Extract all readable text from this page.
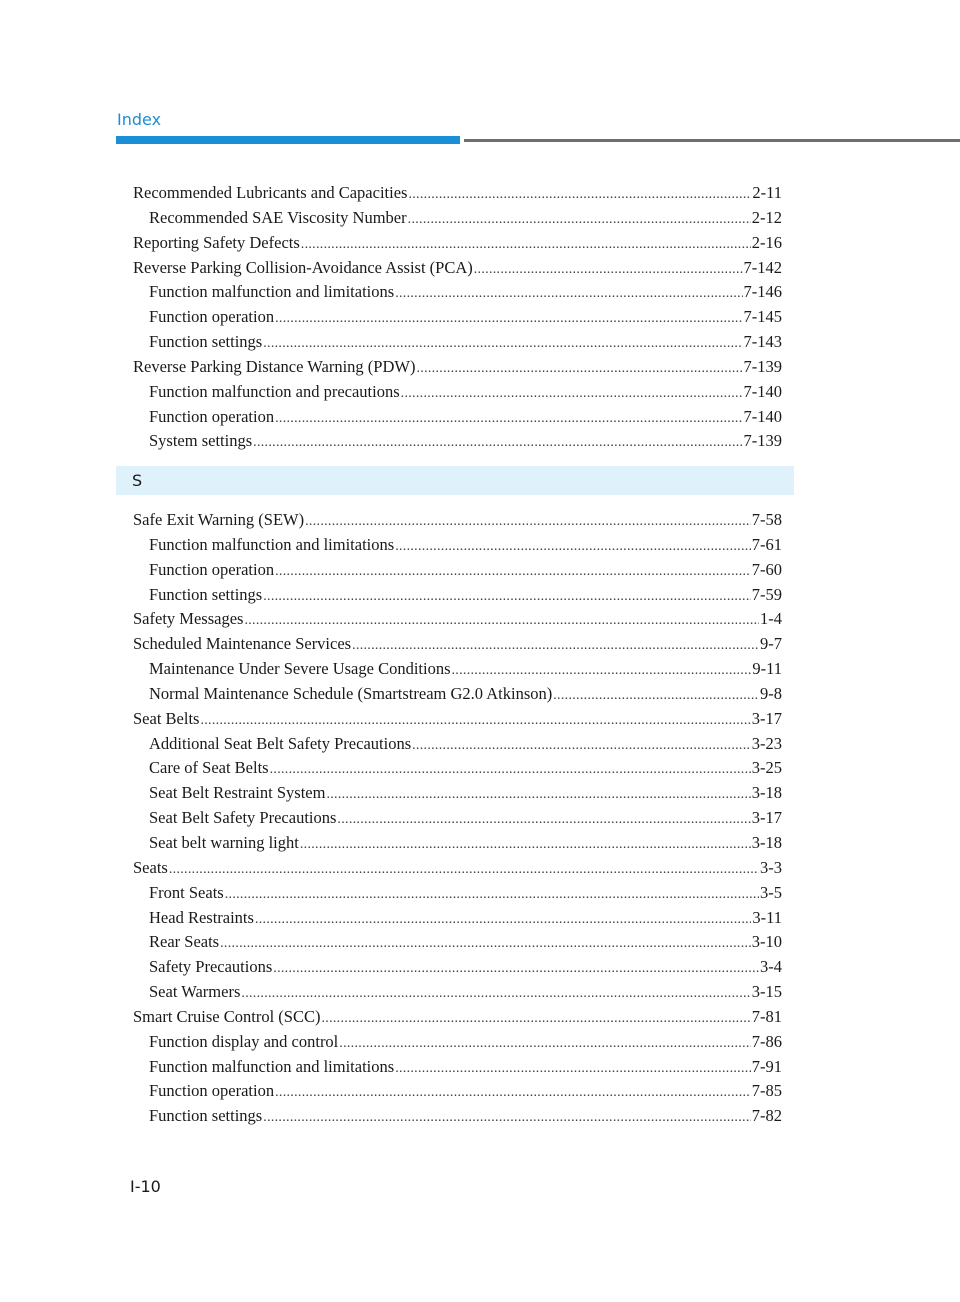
Index
Recommended Lubricants and Capacities .....	2-11
Recommended SAE Viscosity Number .....	2-12
Reporting Safety Defects .....	2-16
Reverse Parking Collision-Avoidance Assist (PCA) .....	7-142
Function malfunction and limitations .....	7-146
Function operation .....	7-145
Function settings .....	7-143
Reverse Parking Distance Warning (PDW) .....	7-139
Function malfunction and precautions .....	7-140
Function operation .....	7-140
System settings .....	7-139
S
Safe Exit Warning (SEW) .....	7-58
Function malfunction and limitations .....	7-61
Function operation .....	7-60
Function settings .....	7-59
Safety Messages .....	1-4
Scheduled Maintenance Services .....	9-7
Maintenance Under Severe Usage Conditions .....	9-11
Normal Maintenance Schedule (Smartstream G2.0 Atkinson) .....	9-8
Seat Belts .....	3-17
Additional Seat Belt Safety Precautions .....	3-23
Care of Seat Belts .....	3-25
Seat Belt Restraint System .....	3-18
Seat Belt Safety Precautions .....	3-17
Seat belt warning light .....	3-18
Seats .....	3-3
Front Seats .....	3-5
Head Restraints .....	3-11
Rear Seats .....	3-10
Safety Precautions .....	3-4
Seat Warmers .....	3-15
Smart Cruise Control (SCC) .....	7-81
Function display and control .....	7-86
Function malfunction and limitations .....	7-91
Function operation .....	7-85
Function settings .....	7-82
I-10
